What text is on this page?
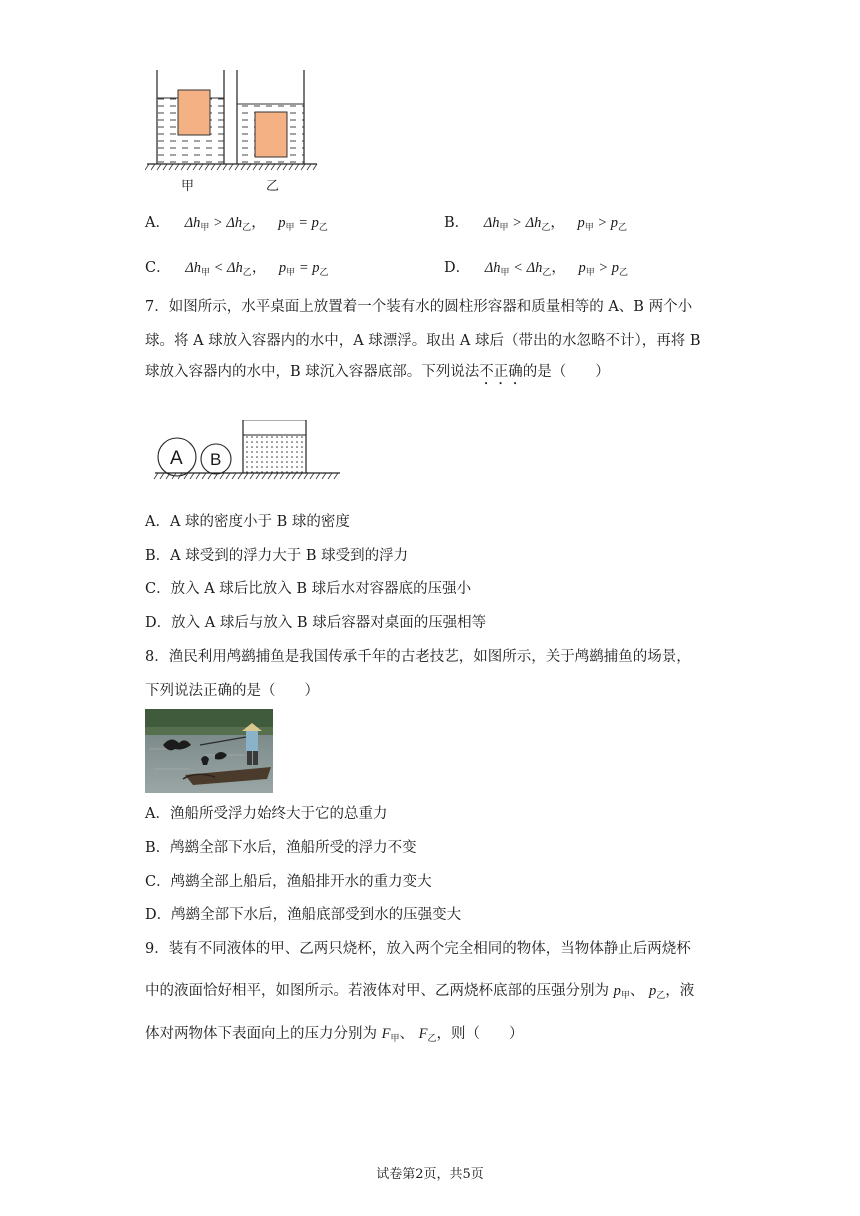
甲	乙
A． $\Delta h_甲 > \Delta h_乙$， $p_甲 = p_乙$	B． $\Delta h_甲 > \Delta h_乙$， $p_甲 > p_乙$
C． $\Delta h_甲 < \Delta h_乙$， $p_甲 = p_乙$	D． $\Delta h_甲 < \Delta h_乙$， $p_甲 > p_乙$
7．如图所示，水平桌面上放置着一个装有水的圆柱形容器和质量相等的 A、B 两个小
球。将 A 球放入容器内的水中，A 球漂浮。取出 A 球后（带出的水忽略不计），再将 B
球放入容器内的水中，B 球沉入容器底部。下列说法不正确的是（　　）
A B
A．A 球的密度小于 B 球的密度
B．A 球受到的浮力大于 B 球受到的浮力
C．放入 A 球后比放入 B 球后水对容器底的压强小
D．放入 A 球后与放入 B 球后容器对桌面的压强相等
8．渔民利用鸬鹚捕鱼是我国传承千年的古老技艺，如图所示，关于鸬鹚捕鱼的场景，
下列说法正确的是（　　）
A．渔船所受浮力始终大于它的总重力
B．鸬鹚全部下水后，渔船所受的浮力不变
C．鸬鹚全部上船后，渔船排开水的重力变大
D．鸬鹚全部下水后，渔船底部受到水的压强变大
9．装有不同液体的甲、乙两只烧杯，放入两个完全相同的物体，当物体静止后两烧杯
中的液面恰好相平，如图所示。若液体对甲、乙两烧杯底部的压强分别为 $p_甲$、 $p_乙$，液
体对两物体下表面向上的压力分别为 $F_甲$、 $F_乙$，则（　　）
试卷第2页，共5页
